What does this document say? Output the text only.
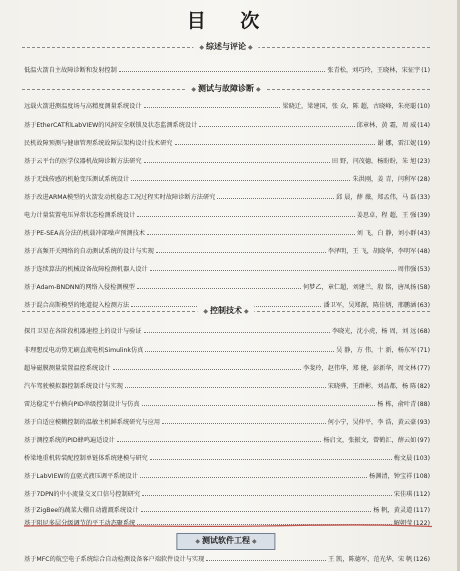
目 次
◆ 综述与评论 ◆
低温火箭自主故障诊断和发射控制	张青松，刘巧玲，王晓林，宋征宇 (1)
◆ 测试与故障诊断 ◆
远载火箭进测温度场与高精度测量系统设计	梁晓迁，梁建国，张 众，陈 超，古晓峰，朱亮聪 (10)
基于EtherCAT和LabVIEW的风洞安全联锁及状态监测系统设计	邱章林，黄 霜，周 威 (14)
民机故障预测与健康管理系统故障层架构设计技术研究	谢 娜，雷江妮 (19)
基于云平台的医学仪器机故障诊断方法研究	田 野，闫茂德，杨盼盼，朱 旭 (23)
基于无线传感的机舱变压测试系统设计	朱洪刚，姜 青，闫利军 (28)
基于改进ARMA模型的火箭发动机稳态工况过程实时故障诊断方法研究	邱 晨，薛 薇，郑孟伟，马 磊 (33)
电力计量装置电压异常状态检测系统设计	姜思卓，程 超，王 强 (39)
基于PE-SEA高分法的机载冲部噪声预测技术	刘 飞，白 静，刘小群 (43)
基于高频开关网络的自动测试系统的设计与实现	李泽明，王 飞，胡晓华，李明军 (48)
基于连续算法的机械设备故障检测机器人设计	周伟强 (53)
基于Adam-BNDNN的网络入侵检测模型	何梦乙，章仁超，刘建兰，殷 铭，唐凤扬 (58)
基于混合高斯模型的地道提入检测方法	潘卫军，吴郑源，陈佳炳，邢鹏涵 (63)
◆ 控制技术 ◆
探月卫星在各阶段机器速控上的设计与验证	李晓光，沈小虎，杨 周，刘 远 (68)
非理想反电动势无刷直流电机Simulink仿真	吴 静，方 伟，十 新，杨东军 (71)
超导磁膜测量装置温控系统设计	李斐玲，赵伟华，郑 健，彭新华，周文林 (77)
汽车驾驶模拟器控制系统设计与实现	宋晓骅，王群彬，刘品都，杨 陈 (82)
雷达稳定平台横向PID串级控制设计与仿真	杨 栋，俞叶青 (88)
基于自适应模糊控制的温敏主机鲜系统研究与应用	何小宁，吴仲平，李 浩，黄云豪 (93)
基于测控系统的PID蜂鸣遍适设计	杨启文，张振文，曾鹤汇，薛云如 (97)
桥梁地重机转装配控制单链体系统建模与研究	梅文晨 (103)
基于LabVIEW的直驱式液压调平系统设计	杨渊清，钟宝祥 (108)
基于7DPN的中小流量交叉口信号控制研究	宋佳琪 (112)
基于ZigBee的蔬菜大棚自动灌溉系统设计	杨 帆，黄灵道 (117)
基于阻尼多层分级调节的平王动态聚系统	解朝莹 (122)
◆ 测试软件工程 ◆
基于MFC的航空电子系统综合自动检测设备客户端软件设计与实现	王 凯，陈德军，范光华，宋 帆 (126)
